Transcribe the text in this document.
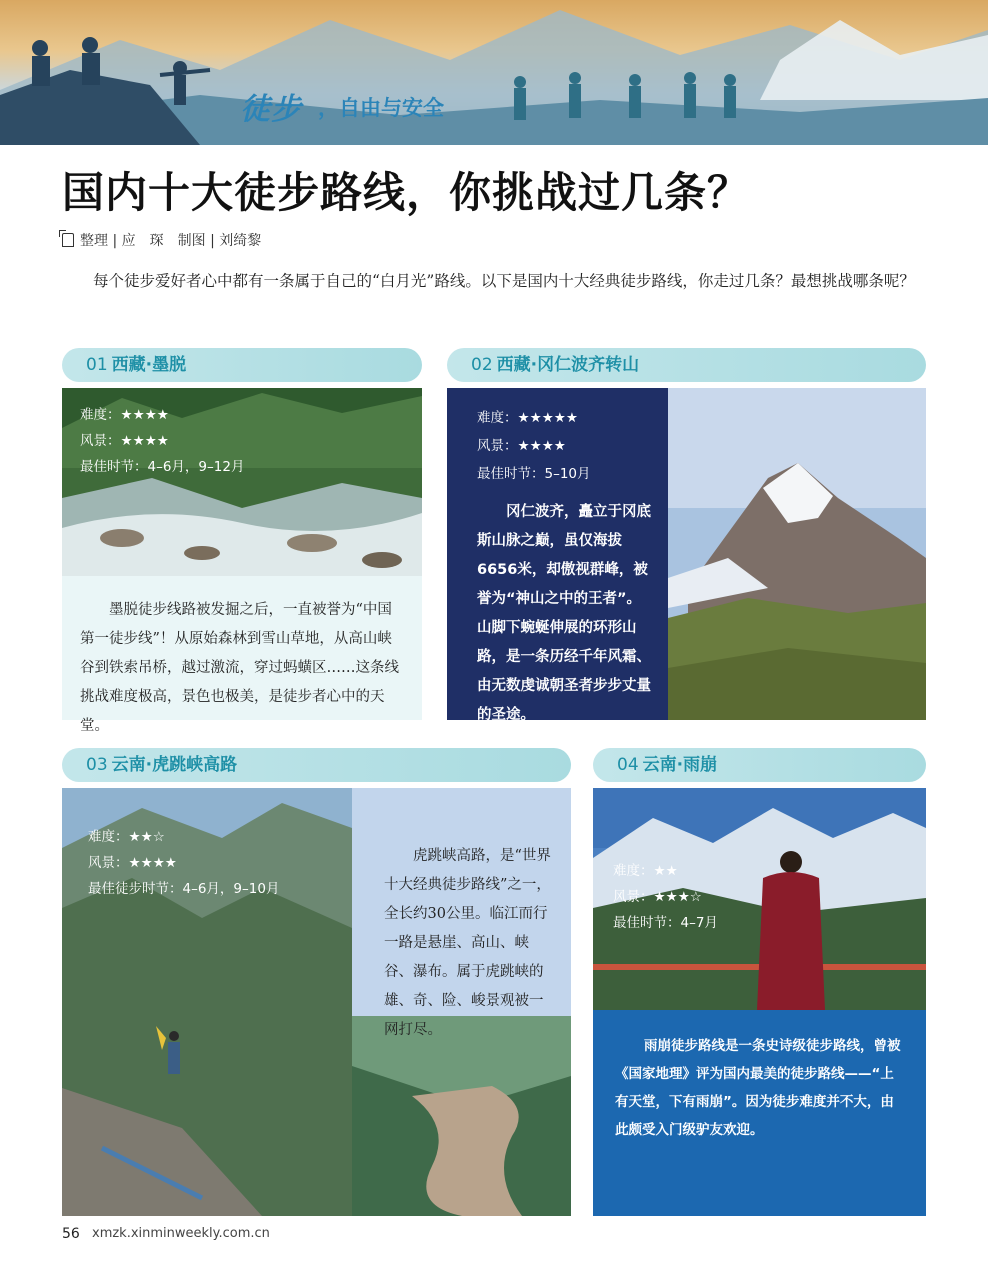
徒步 ，自由与安全
国内十大徒步路线，你挑战过几条？
整理 | 应　琛　制图 | 刘绮黎

每个徒步爱好者心中都有一条属于自己的“白月光”路线。以下是国内十大经典徒步路线，你走过几条？最想挑战哪条呢？

01 西藏·墨脱
难度：★★★★
风景：★★★★
最佳时节：4–6月，9–12月

墨脱徒步线路被发掘之后，一直被誉为“中国第一徒步线”！从原始森林到雪山草地，从高山峡谷到铁索吊桥，越过激流，穿过蚂蟥区……这条线挑战难度极高，景色也极美，是徒步者心中的天堂。

02 西藏·冈仁波齐转山
难度：★★★★★
风景：★★★★
最佳时节：5–10月

冈仁波齐，矗立于冈底斯山脉之巅，虽仅海拔6656米，却傲视群峰，被誉为“神山之中的王者”。山脚下蜿蜒伸展的环形山路，是一条历经千年风霜、由无数虔诚朝圣者步步丈量的圣途。

03 云南·虎跳峡高路
难度：★★☆
风景：★★★★
最佳徒步时节：4–6月，9–10月

虎跳峡高路，是“世界十大经典徒步路线”之一，全长约30公里。临江而行一路是悬崖、高山、峡谷、瀑布。属于虎跳峡的雄、奇、险、峻景观被一网打尽。

04 云南·雨崩
难度：★★
风景：★★★☆
最佳时节：4–7月

雨崩徒步路线是一条史诗级徒步路线，曾被《国家地理》评为国内最美的徒步路线——“上有天堂，下有雨崩”。因为徒步难度并不大，由此颇受入门级驴友欢迎。

56 xmzk.xinminweekly.com.cn
